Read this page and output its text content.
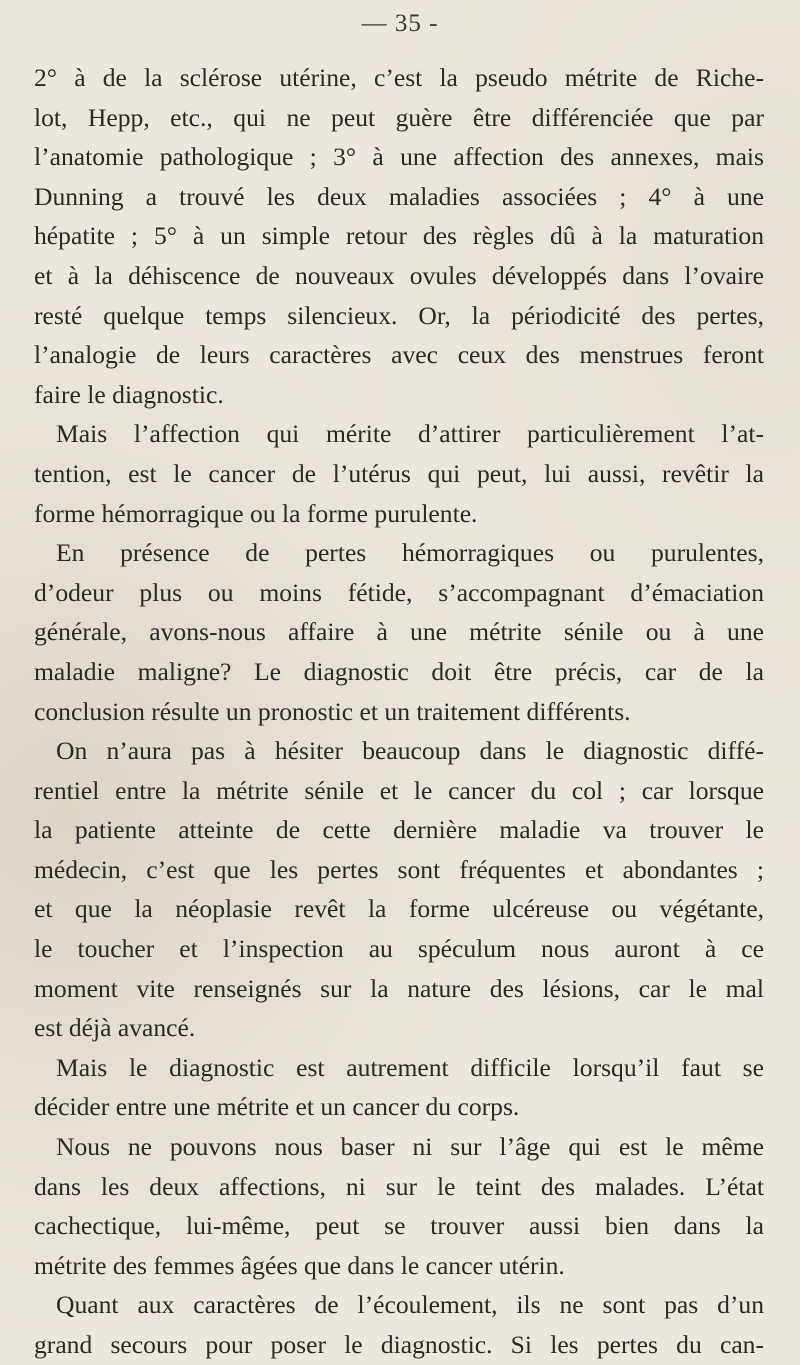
— 35 -
2° à de la sclérose utérine, c’est la pseudo métrite de Riche-
lot, Hepp, etc., qui ne peut guère être différenciée que par
l’anatomie pathologique ; 3° à une affection des annexes, mais
Dunning a trouvé les deux maladies associées ; 4° à une
hépatite ; 5° à un simple retour des règles dû à la maturation
et à la déhiscence de nouveaux ovules développés dans l’ovaire
resté quelque temps silencieux. Or, la périodicité des pertes,
l’analogie de leurs caractères avec ceux des menstrues feront
faire le diagnostic.
Mais l’affection qui mérite d’attirer particulièrement l’at-
tention, est le cancer de l’utérus qui peut, lui aussi, revêtir la
forme hémorragique ou la forme purulente.
En présence de pertes hémorragiques ou purulentes,
d’odeur plus ou moins fétide, s’accompagnant d’émaciation
générale, avons-nous affaire à une métrite sénile ou à une
maladie maligne? Le diagnostic doit être précis, car de la
conclusion résulte un pronostic et un traitement différents.
On n’aura pas à hésiter beaucoup dans le diagnostic diffé-
rentiel entre la métrite sénile et le cancer du col ; car lorsque
la patiente atteinte de cette dernière maladie va trouver le
médecin, c’est que les pertes sont fréquentes et abondantes ;
et que la néoplasie revêt la forme ulcéreuse ou végétante,
le toucher et l’inspection au spéculum nous auront à ce
moment vite renseignés sur la nature des lésions, car le mal
est déjà avancé.
Mais le diagnostic est autrement difficile lorsqu’il faut se
décider entre une métrite et un cancer du corps.
Nous ne pouvons nous baser ni sur l’âge qui est le même
dans les deux affections, ni sur le teint des malades. L’état
cachectique, lui-même, peut se trouver aussi bien dans la
métrite des femmes âgées que dans le cancer utérin.
Quant aux caractères de l’écoulement, ils ne sont pas d’un
grand secours pour poser le diagnostic. Si les pertes du can-
